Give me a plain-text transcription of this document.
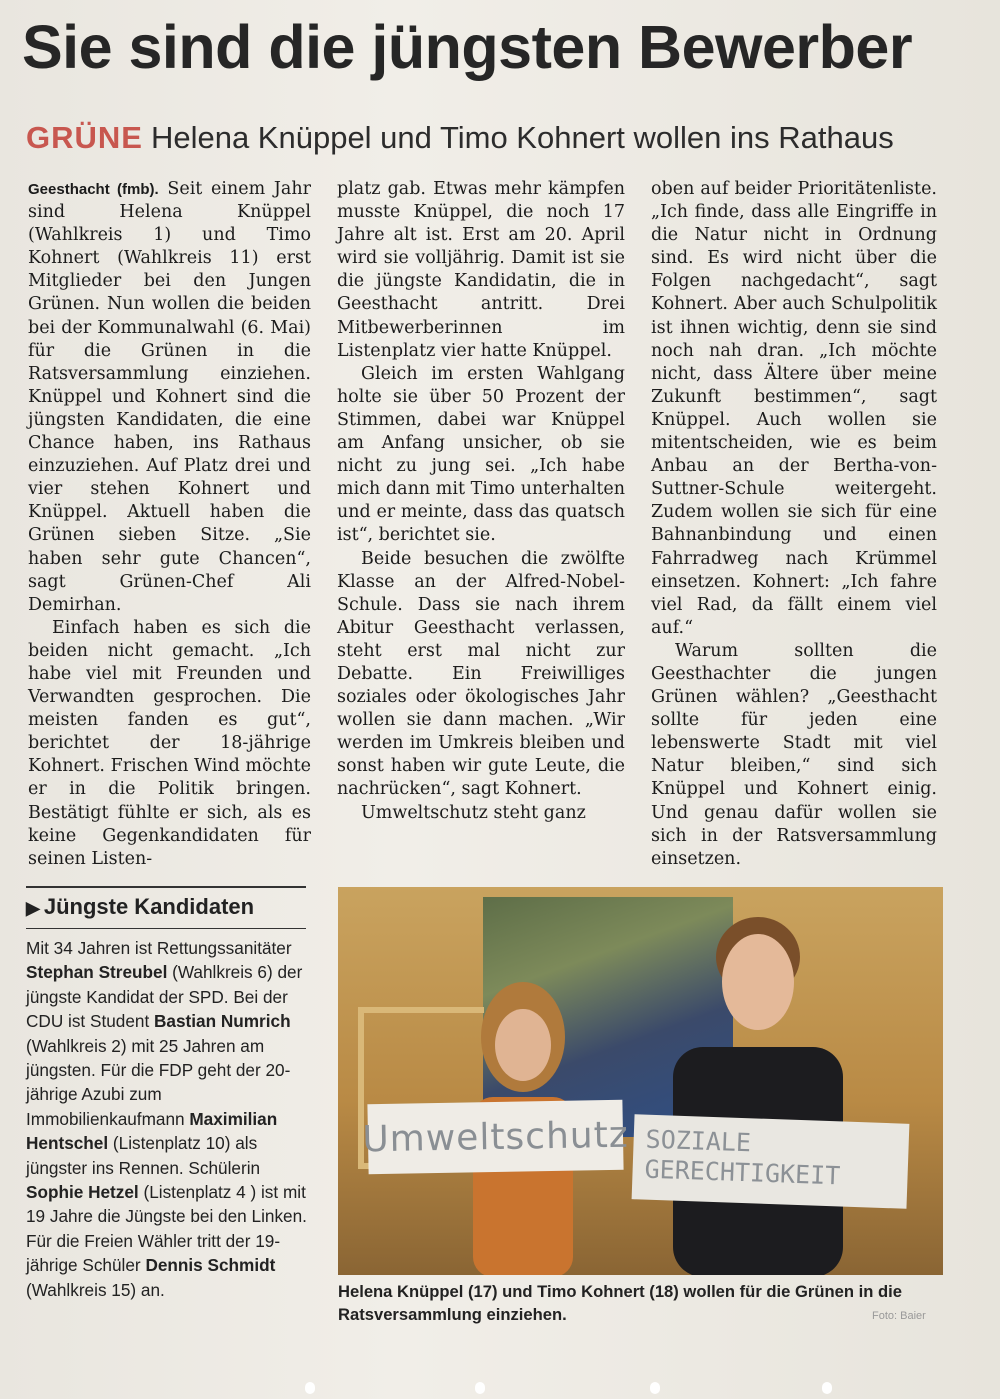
Sie sind die jüngsten Bewerber
GRÜNE Helena Knüppel und Timo Kohnert wollen ins Rathaus

Geesthacht (fmb). Seit einem Jahr sind Helena Knüppel (Wahlkreis 1) und Timo Kohnert (Wahlkreis 11) erst Mitglieder bei den Jungen Grünen. Nun wollen die beiden bei der Kommunalwahl (6. Mai) für die Grünen in die Ratsversammlung einziehen. Knüppel und Kohnert sind die jüngsten Kandidaten, die eine Chance haben, ins Rathaus einzuziehen. Auf Platz drei und vier stehen Kohnert und Knüppel. Aktuell haben die Grünen sieben Sitze. „Sie haben sehr gute Chancen“, sagt Grünen-Chef Ali Demirhan.

Einfach haben es sich die beiden nicht gemacht. „Ich habe viel mit Freunden und Verwandten gesprochen. Die meisten fanden es gut“, berichtet der 18-jährige Kohnert. Frischen Wind möchte er in die Politik bringen. Bestätigt fühlte er sich, als es keine Gegenkandidaten für seinen Listen-

platz gab. Etwas mehr kämpfen musste Knüppel, die noch 17 Jahre alt ist. Erst am 20. April wird sie volljährig. Damit ist sie die jüngste Kandidatin, die in Geesthacht antritt. Drei Mitbewerberinnen im Listenplatz vier hatte Knüppel.

Gleich im ersten Wahlgang holte sie über 50 Prozent der Stimmen, dabei war Knüppel am Anfang unsicher, ob sie nicht zu jung sei. „Ich habe mich dann mit Timo unterhalten und er meinte, dass das quatsch ist“, berichtet sie.

Beide besuchen die zwölfte Klasse an der Alfred-Nobel-Schule. Dass sie nach ihrem Abitur Geesthacht verlassen, steht erst mal nicht zur Debatte. Ein Freiwilliges soziales oder ökologisches Jahr wollen sie dann machen. „Wir werden im Umkreis bleiben und sonst haben wir gute Leute, die nachrücken“, sagt Kohnert.

Umweltschutz steht ganz

oben auf beider Prioritätenliste. „Ich finde, dass alle Eingriffe in die Natur nicht in Ordnung sind. Es wird nicht über die Folgen nachgedacht“, sagt Kohnert. Aber auch Schulpolitik ist ihnen wichtig, denn sie sind noch nah dran. „Ich möchte nicht, dass Ältere über meine Zukunft bestimmen“, sagt Knüppel. Auch wollen sie mitentscheiden, wie es beim Anbau an der Bertha-von-Suttner-Schule weitergeht. Zudem wollen sie sich für eine Bahnanbindung und einen Fahrradweg nach Krümmel einsetzen. Kohnert: „Ich fahre viel Rad, da fällt einem viel auf.“

Warum sollten die Geesthachter die jungen Grünen wählen? „Geesthacht sollte für jeden eine lebenswerte Stadt mit viel Natur bleiben,“ sind sich Knüppel und Kohnert einig. Und genau dafür wollen sie sich in der Ratsversammlung einsetzen.

▶ Jüngste Kandidaten
Mit 34 Jahren ist Rettungssanitäter Stephan Streubel (Wahlkreis 6) der jüngste Kandidat der SPD. Bei der CDU ist Student Bastian Numrich (Wahlkreis 2) mit 25 Jahren am jüngsten. Für die FDP geht der 20-jährige Azubi zum Immobilienkaufmann Maximilian Hentschel (Listenplatz 10) als jüngster ins Rennen. Schülerin Sophie Hetzel (Listenplatz 4 ) ist mit 19 Jahre die Jüngste bei den Linken. Für die Freien Wähler tritt der 19-jährige Schüler Dennis Schmidt (Wahlkreis 15) an.
Umweltschutz SOZIALE
GERECHTIGKEIT
Helena Knüppel (17) und Timo Kohnert (18) wollen für die Grünen in die Ratsversammlung einziehen.	Foto: Baier
